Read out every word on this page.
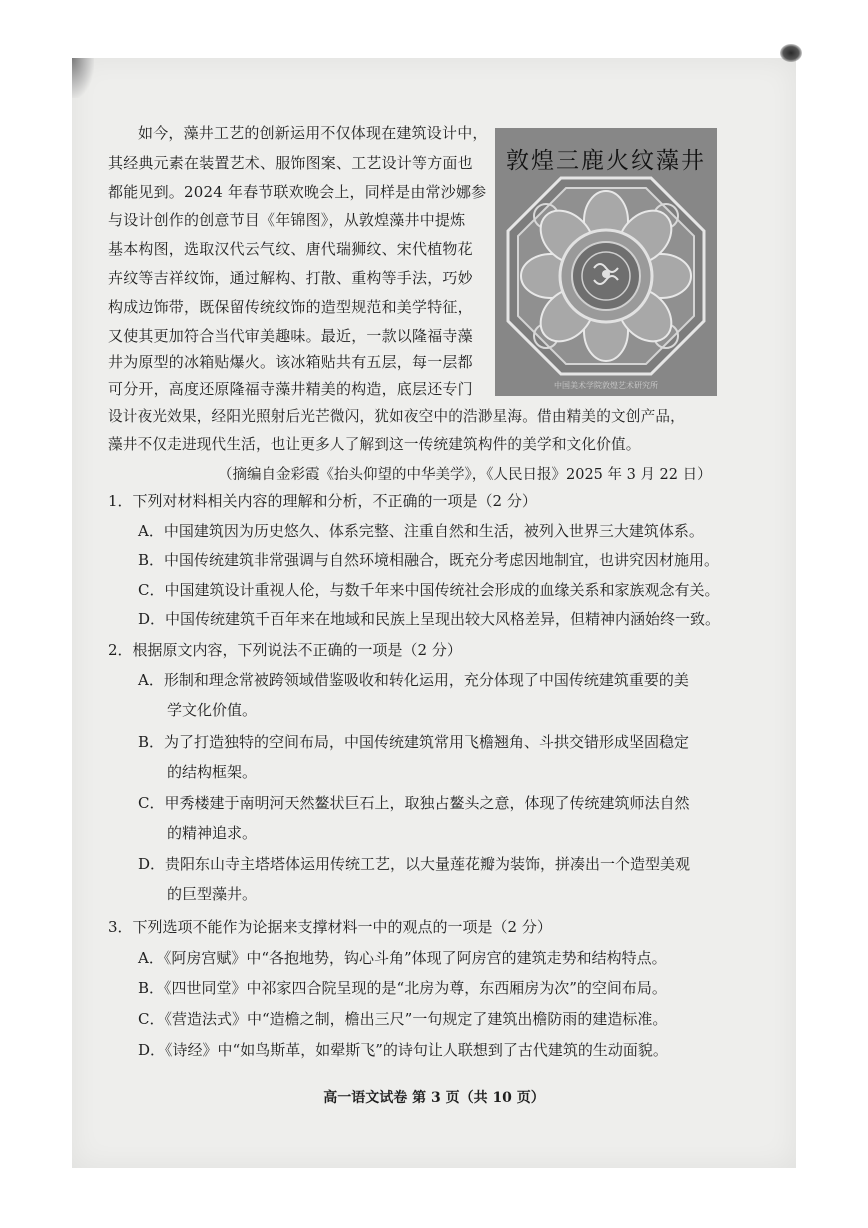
如今，藻井工艺的创新运用不仅体现在建筑设计中，
其经典元素在装置艺术、服饰图案、工艺设计等方面也
都能见到。2024 年春节联欢晚会上，同样是由常沙娜参
与设计创作的创意节目《年锦图》，从敦煌藻井中提炼
基本构图，选取汉代云气纹、唐代瑞狮纹、宋代植物花
卉纹等吉祥纹饰，通过解构、打散、重构等手法，巧妙
构成边饰带，既保留传统纹饰的造型规范和美学特征，
又使其更加符合当代审美趣味。最近，一款以隆福寺藻
井为原型的冰箱贴爆火。该冰箱贴共有五层，每一层都
可分开，高度还原隆福寺藻井精美的构造，底层还专门
设计夜光效果，经阳光照射后光芒微闪，犹如夜空中的浩渺星海。借由精美的文创产品，
藻井不仅走进现代生活，也让更多人了解到这一传统建筑构件的美学和文化价值。
敦煌三鹿火纹藻井
中国美术学院敦煌艺术研究所
（摘编自金彩霞《抬头仰望的中华美学》，《人民日报》2025 年 3 月 22 日）
1．下列对材料相关内容的理解和分析，不正确的一项是（2 分）
A．中国建筑因为历史悠久、体系完整、注重自然和生活，被列入世界三大建筑体系。
B．中国传统建筑非常强调与自然环境相融合，既充分考虑因地制宜，也讲究因材施用。
C．中国建筑设计重视人伦，与数千年来中国传统社会形成的血缘关系和家族观念有关。
D．中国传统建筑千百年来在地域和民族上呈现出较大风格差异，但精神内涵始终一致。
2．根据原文内容，下列说法不正确的一项是（2 分）
A．形制和理念常被跨领域借鉴吸收和转化运用，充分体现了中国传统建筑重要的美
学文化价值。
B．为了打造独特的空间布局，中国传统建筑常用飞檐翘角、斗拱交错形成坚固稳定
的结构框架。
C．甲秀楼建于南明河天然鳌状巨石上，取独占鳌头之意，体现了传统建筑师法自然
的精神追求。
D．贵阳东山寺主塔塔体运用传统工艺，以大量莲花瓣为装饰，拼凑出一个造型美观
的巨型藻井。
3．下列选项不能作为论据来支撑材料一中的观点的一项是（2 分）
A．《阿房宫赋》中“各抱地势，钩心斗角”体现了阿房宫的建筑走势和结构特点。
B．《四世同堂》中祁家四合院呈现的是“北房为尊，东西厢房为次”的空间布局。
C．《营造法式》中“造檐之制，檐出三尺”一句规定了建筑出檐防雨的建造标准。
D．《诗经》中“如鸟斯革，如翚斯飞”的诗句让人联想到了古代建筑的生动面貌。
高一语文试卷 第 3 页（共 10 页）
